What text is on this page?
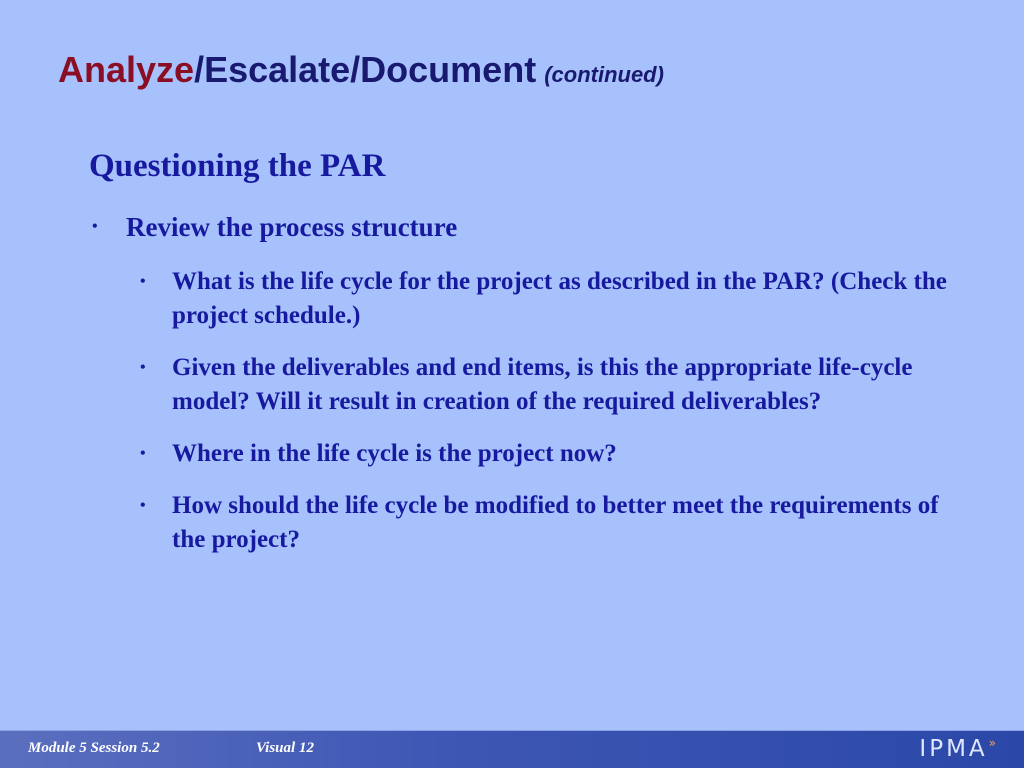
Analyze/Escalate/Document (continued)
Questioning the PAR
• Review the process structure
• What is the life cycle for the project as described in the PAR? (Check the project schedule.)
• Given the deliverables and end items, is this the appropriate life-cycle model? Will it result in creation of the required deliverables?
• Where in the life cycle is the project now?
• How should the life cycle be modified to better meet the requirements of the project?
Module 5 Session 5.2	Visual 12	IPMA»
